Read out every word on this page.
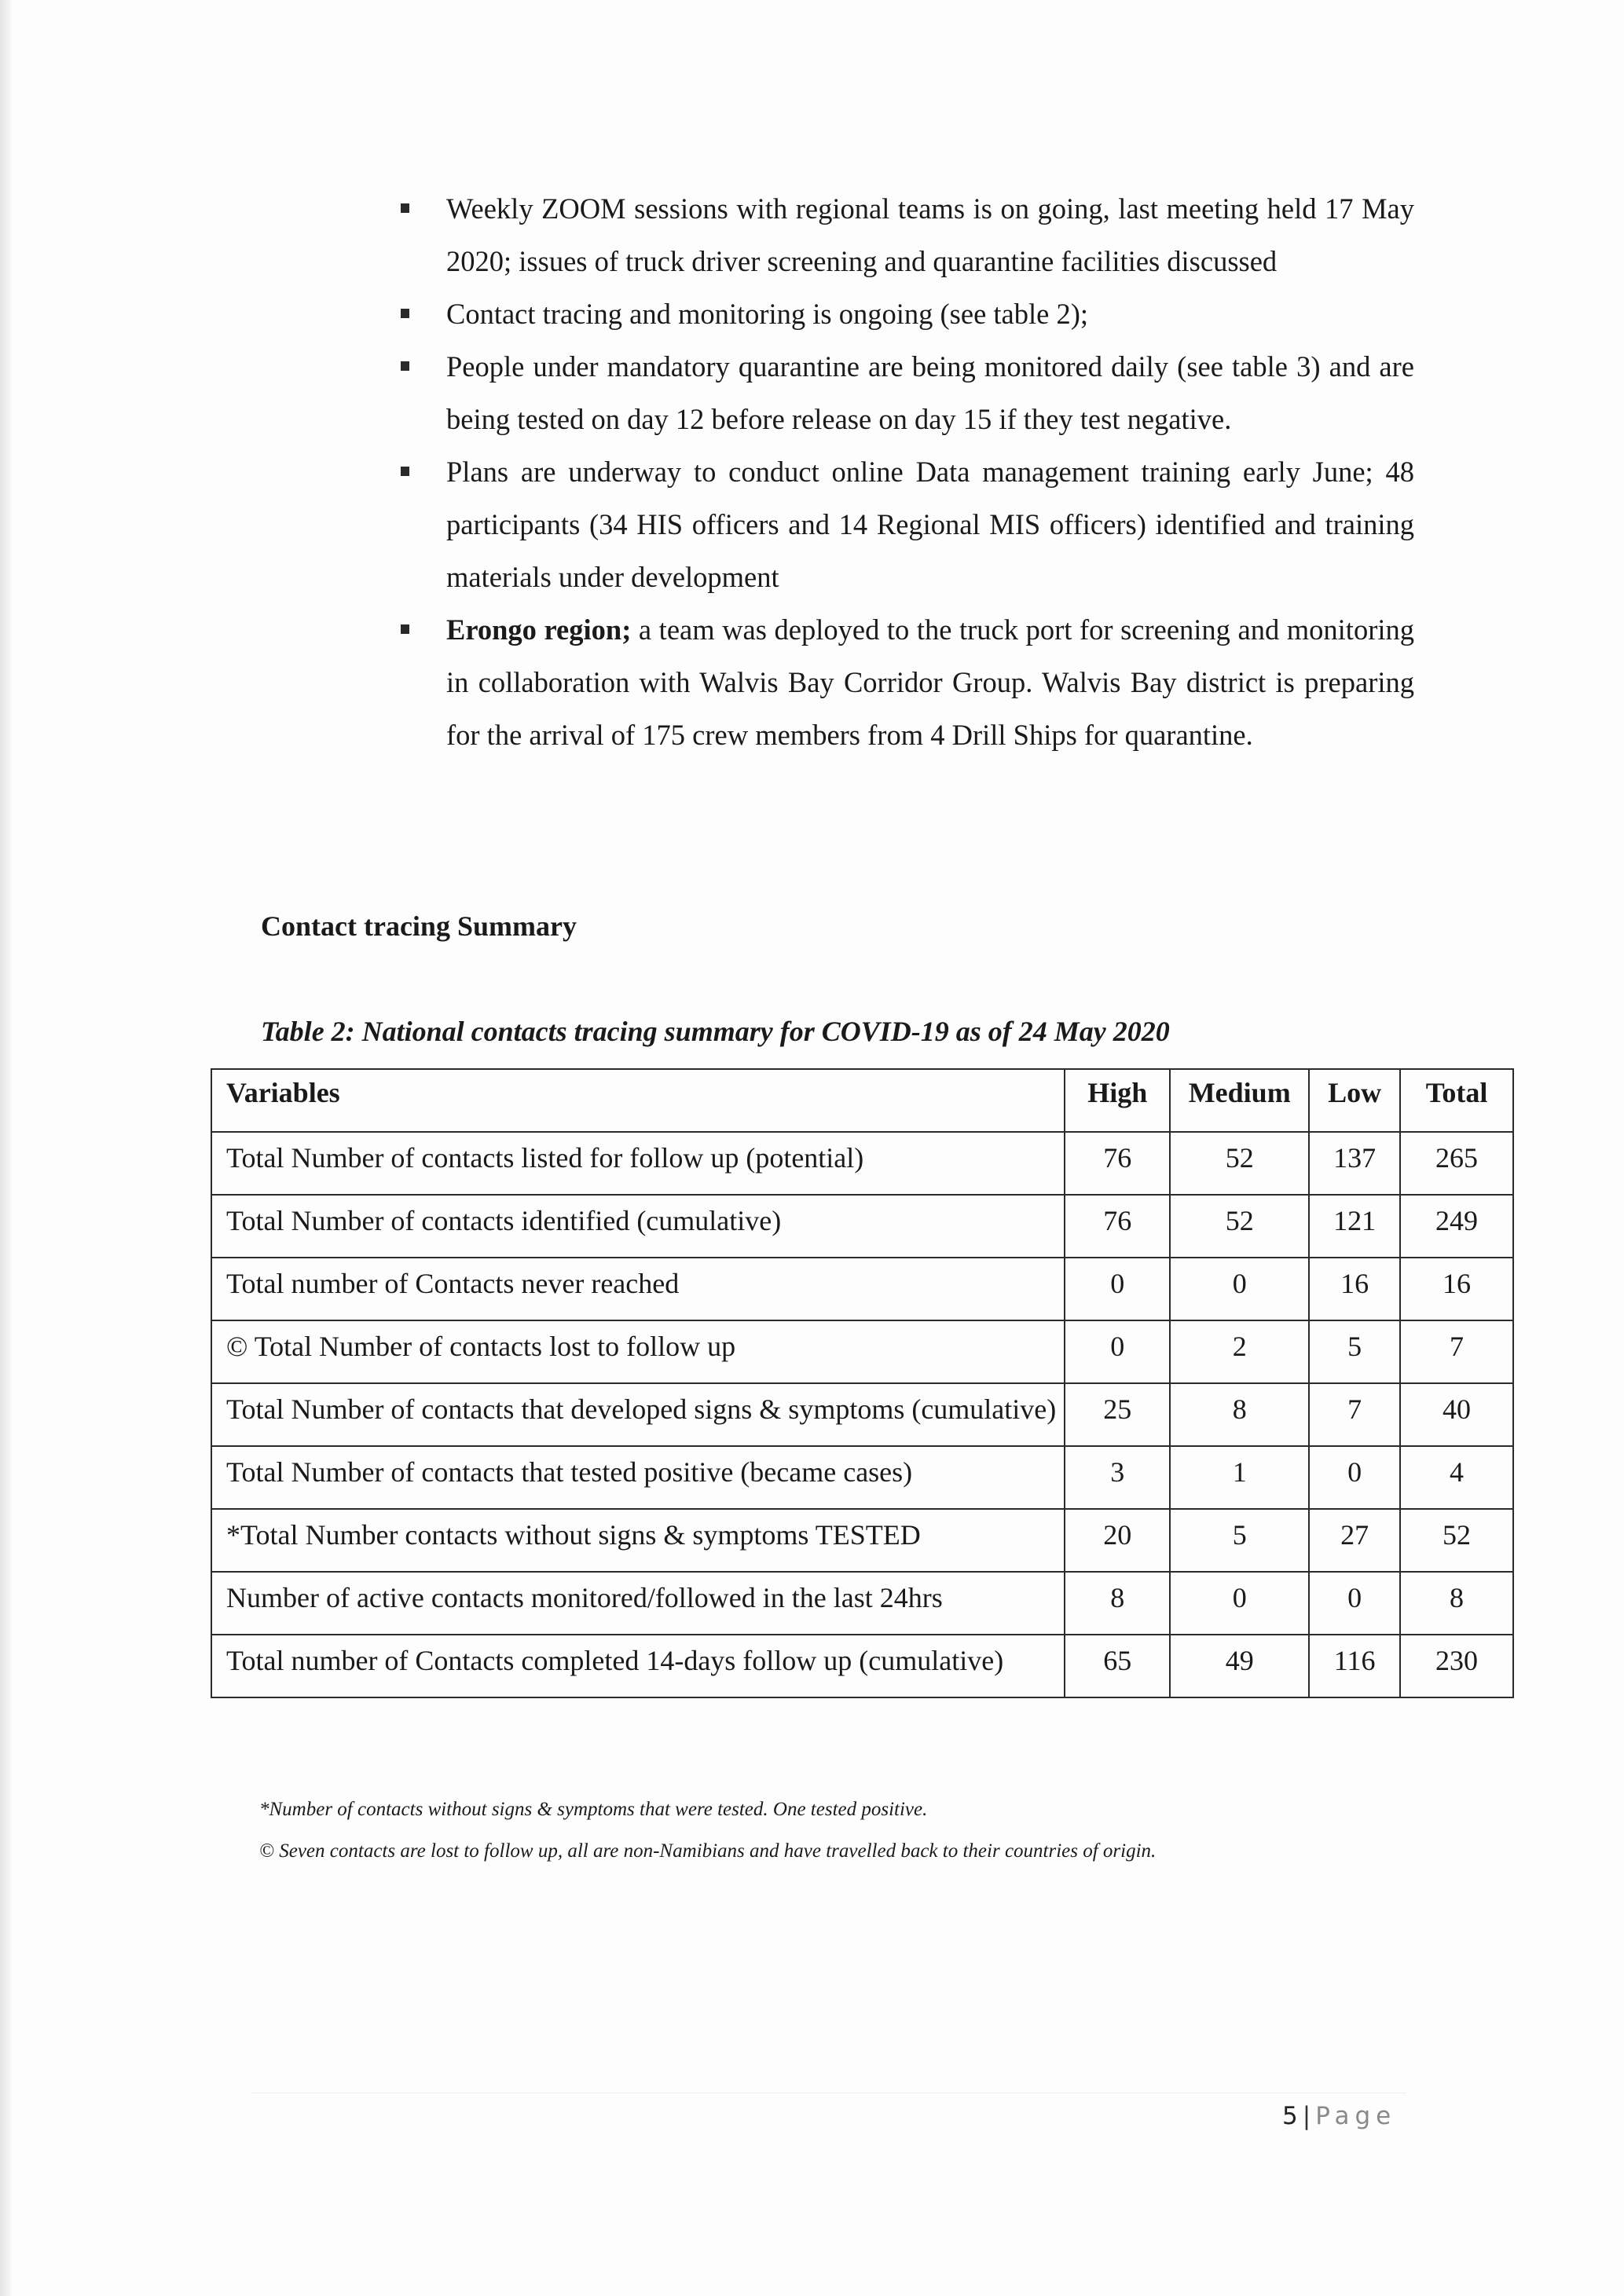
Weekly ZOOM sessions with regional teams is on going, last meeting held 17 May 2020; issues of truck driver screening and quarantine facilities discussed
Contact tracing and monitoring is ongoing (see table 2);
People under mandatory quarantine are being monitored daily (see table 3) and are being tested on day 12 before release on day 15 if they test negative.
Plans are underway to conduct online Data management training early June; 48 participants (34 HIS officers and 14 Regional MIS officers) identified and training materials under development
Erongo region; a team was deployed to the truck port for screening and monitoring in collaboration with Walvis Bay Corridor Group. Walvis Bay district is preparing for the arrival of 175 crew members from 4 Drill Ships for quarantine.
Contact tracing Summary

Table 2: National contacts tracing summary for COVID-19 as of 24 May 2020

Variables	High	Medium	Low	Total
Total Number of contacts listed for follow up (potential)	76	52	137	265
Total Number of contacts identified (cumulative)	76	52	121	249
Total number of Contacts never reached	0	0	16	16
© Total Number of contacts lost to follow up	0	2	5	7
Total Number of contacts that developed signs & symptoms (cumulative)	25	8	7	40
Total Number of contacts that tested positive (became cases)	3	1	0	4
*Total Number contacts without signs & symptoms TESTED	20	5	27	52
Number of active contacts monitored/followed in the last 24hrs	8	0	0	8
Total number of Contacts completed 14-days follow up (cumulative)	65	49	116	230

*Number of contacts without signs & symptoms that were tested. One tested positive.

© Seven contacts are lost to follow up, all are non-Namibians and have travelled back to their countries of origin.

5 | Page
